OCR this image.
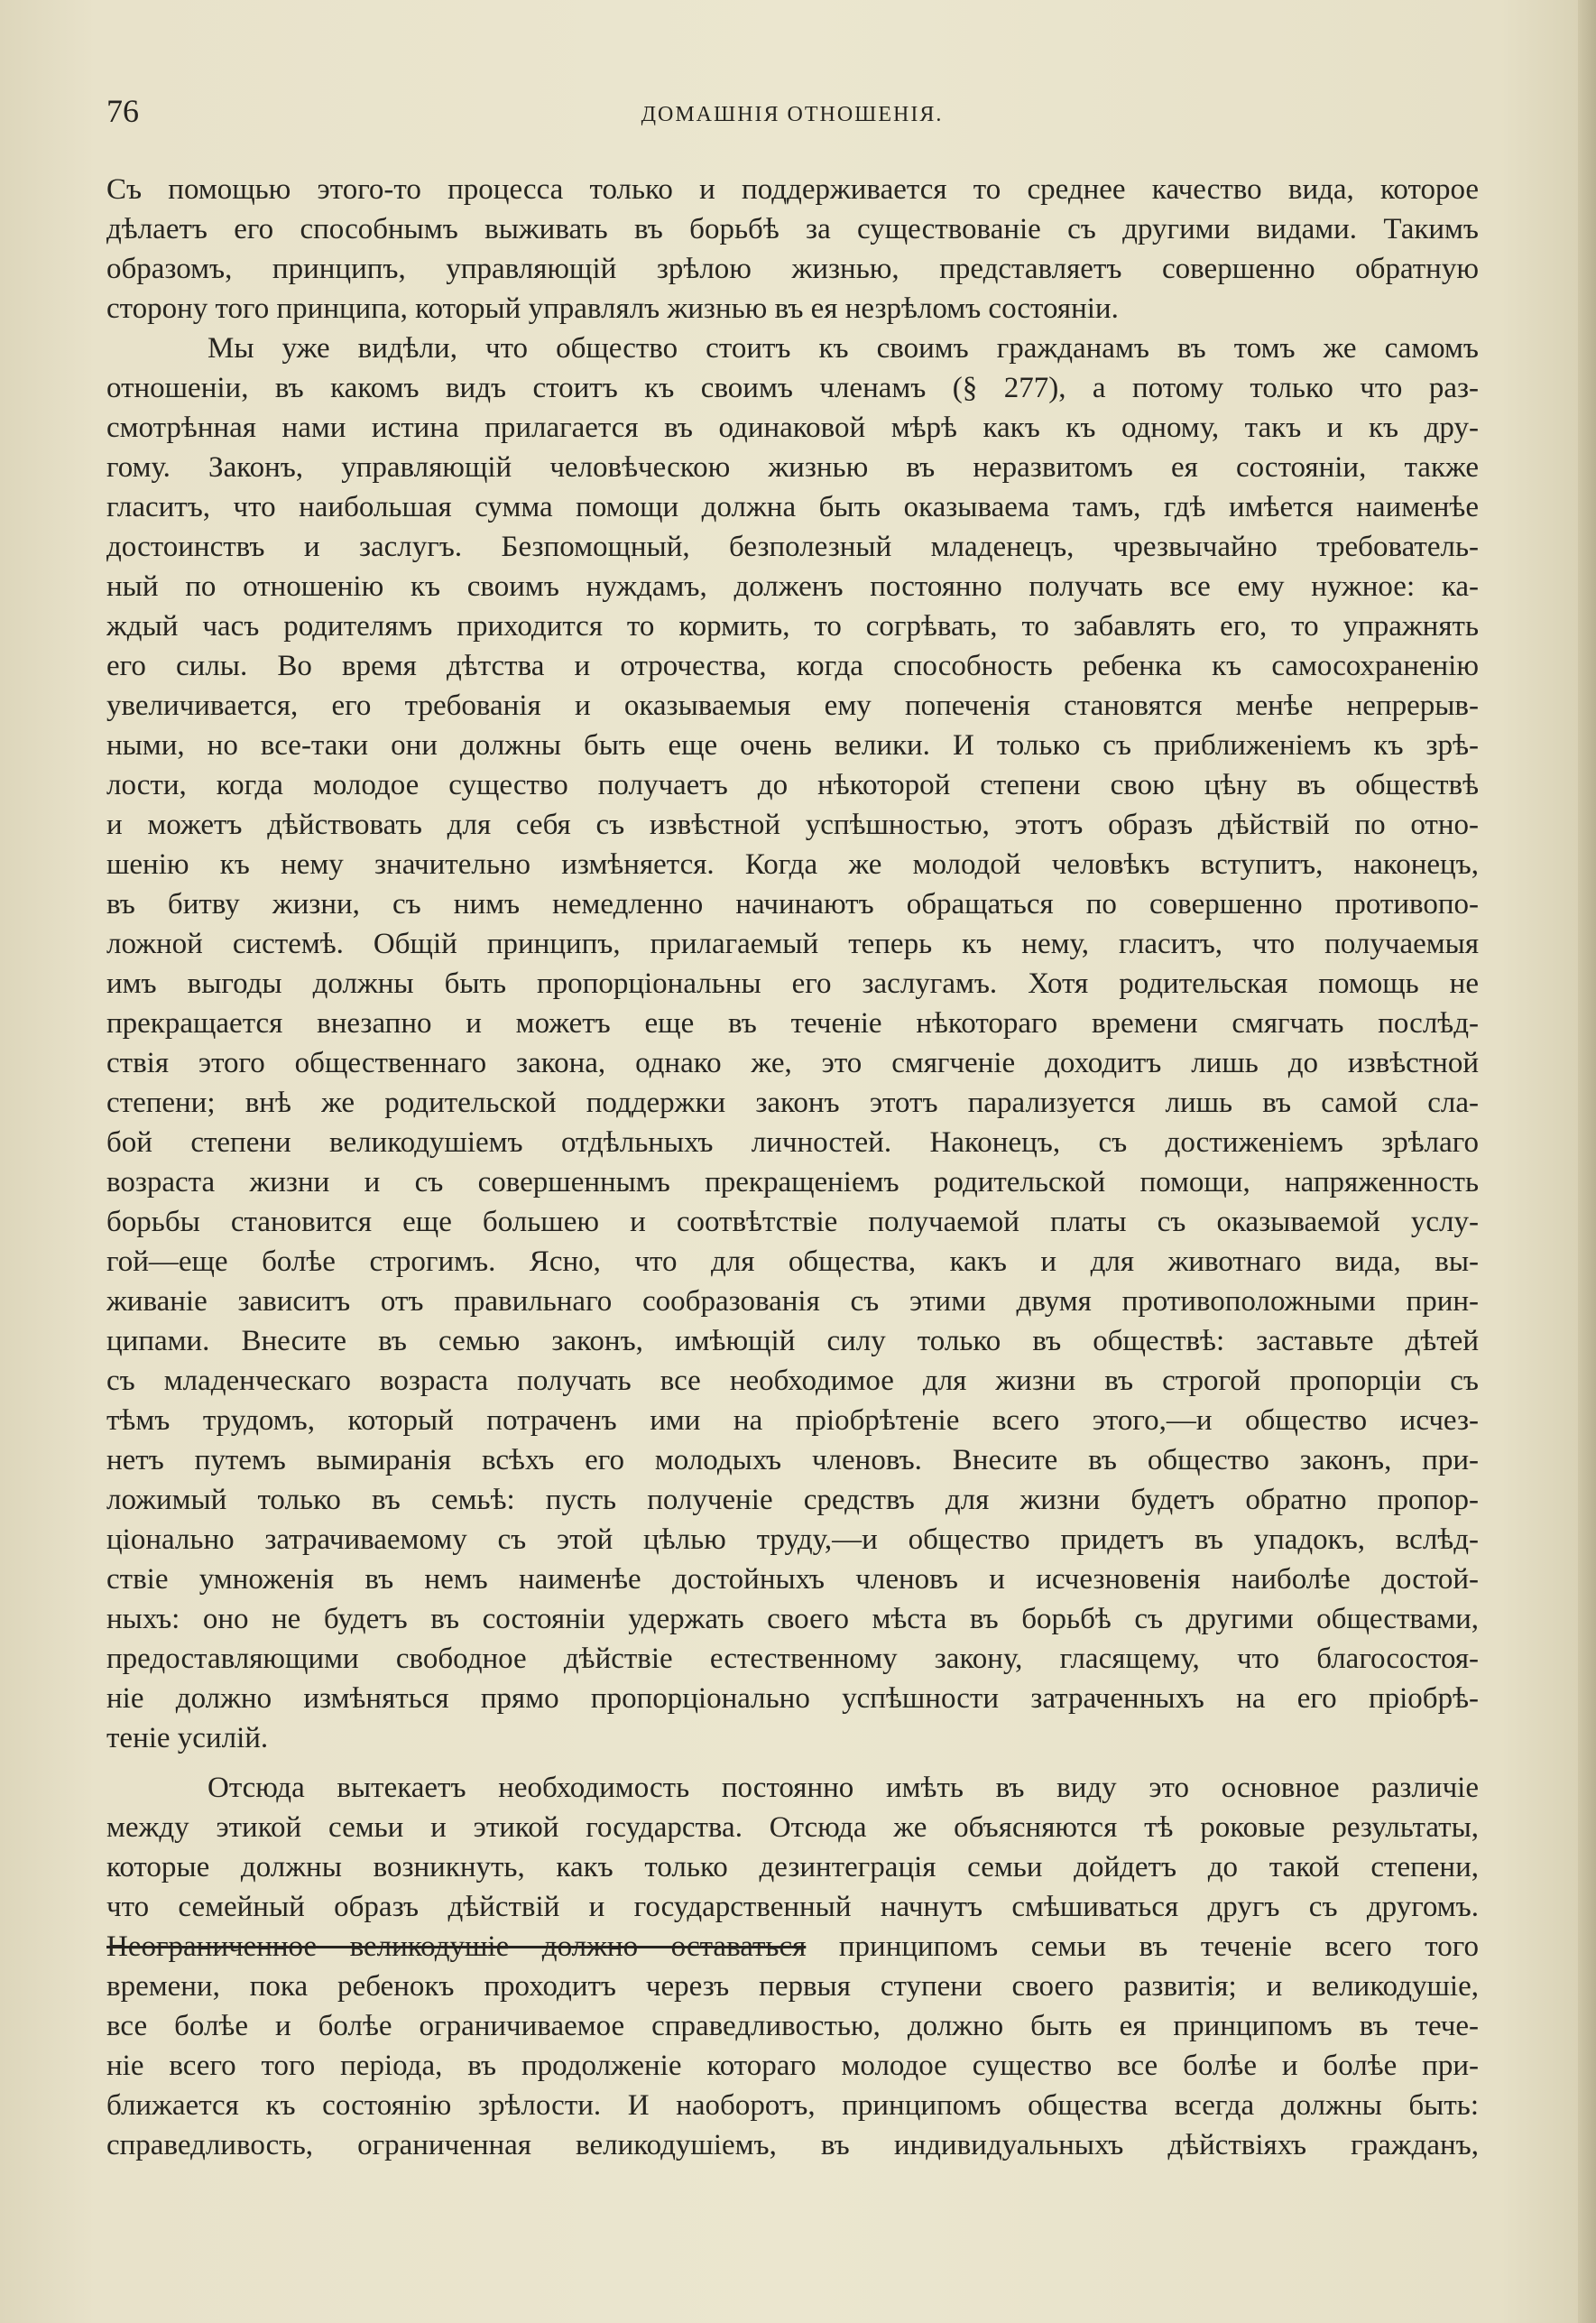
76	ДОМАШНІЯ ОТНОШЕНІЯ.
Съ помощью этого-то процесса только и поддерживается то среднее качество вида, которое
дѣлаетъ его способнымъ выживать въ борьбѣ за существованіе съ другими видами. Такимъ
образомъ, принципъ, управляющій зрѣлою жизнью, представляетъ совершенно обратную
сторону того принципа, который управлялъ жизнью въ ея незрѣломъ состояніи.
Мы уже видѣли, что общество стоитъ къ своимъ гражданамъ въ томъ же самомъ
отношеніи, въ какомъ видъ стоитъ къ своимъ членамъ (§ 277), а потому только что раз-
смотрѣнная нами истина прилагается въ одинаковой мѣрѣ какъ къ одному, такъ и къ дру-
гому. Законъ, управляющій человѣческою жизнью въ неразвитомъ ея состояніи, также
гласитъ, что наибольшая сумма помощи должна быть оказываема тамъ, гдѣ имѣется наименѣе
достоинствъ и заслугъ. Безпомощный, безполезный младенецъ, чрезвычайно требователь-
ный по отношенію къ своимъ нуждамъ, долженъ постоянно получать все ему нужное: ка-
ждый часъ родителямъ приходится то кормить, то согрѣвать, то забавлять его, то упражнять
его силы. Во время дѣтства и отрочества, когда способность ребенка къ самосохраненію
увеличивается, его требованія и оказываемыя ему попеченія становятся менѣе непрерыв-
ными, но все-таки они должны быть еще очень велики. И только съ приближеніемъ къ зрѣ-
лости, когда молодое существо получаетъ до нѣкоторой степени свою цѣну въ обществѣ
и можетъ дѣйствовать для себя съ извѣстной успѣшностью, этотъ образъ дѣйствій по отно-
шенію къ нему значительно измѣняется. Когда же молодой человѣкъ вступитъ, наконецъ,
въ битву жизни, съ нимъ немедленно начинаютъ обращаться по совершенно противопо-
ложной системѣ. Общій принципъ, прилагаемый теперь къ нему, гласитъ, что получаемыя
имъ выгоды должны быть пропорціональны его заслугамъ. Хотя родительская помощь не
прекращается внезапно и можетъ еще въ теченіе нѣкотораго времени смягчать послѣд-
ствія этого общественнаго закона, однако же, это смягченіе доходитъ лишь до извѣстной
степени; внѣ же родительской поддержки законъ этотъ парализуется лишь въ самой сла-
бой степени великодушіемъ отдѣльныхъ личностей. Наконецъ, съ достиженіемъ зрѣлаго
возраста жизни и съ совершеннымъ прекращеніемъ родительской помощи, напряженность
борьбы становится еще большею и соотвѣтствіе получаемой платы съ оказываемой услу-
гой—еще болѣе строгимъ. Ясно, что для общества, какъ и для животнаго вида, вы-
живаніе зависитъ отъ правильнаго сообразованія съ этими двумя противоположными прин-
ципами. Внесите въ семью законъ, имѣющій силу только въ обществѣ: заставьте дѣтей
съ младенческаго возраста получать все необходимое для жизни въ строгой пропорціи съ
тѣмъ трудомъ, который потраченъ ими на пріобрѣтеніе всего этого,—и общество исчез-
нетъ путемъ вымиранія всѣхъ его молодыхъ членовъ. Внесите въ общество законъ, при-
ложимый только въ семьѣ: пусть полученіе средствъ для жизни будетъ обратно пропор-
ціонально затрачиваемому съ этой цѣлью труду,—и общество придетъ въ упадокъ, вслѣд-
ствіе умноженія въ немъ наименѣе достойныхъ членовъ и исчезновенія наиболѣе достой-
ныхъ: оно не будетъ въ состояніи удержать своего мѣста въ борьбѣ съ другими обществами,
предоставляющими свободное дѣйствіе естественному закону, гласящему, что благосостоя-
ніе должно измѣняться прямо пропорціонально успѣшности затраченныхъ на его пріобрѣ-
теніе усилій.
Отсюда вытекаетъ необходимость постоянно имѣть въ виду это основное различіе
между этикой семьи и этикой государства. Отсюда же объясняются тѣ роковые результаты,
которые должны возникнуть, какъ только дезинтеграція семьи дойдетъ до такой степени,
что семейный образъ дѣйствій и государственный начнутъ смѣшиваться другъ съ другомъ.
Неограниченное великодушіе должно оставаться принципомъ семьи въ теченіе всего того
времени, пока ребенокъ проходитъ черезъ первыя ступени своего развитія; и великодушіе,
все болѣе и болѣе ограничиваемое справедливостью, должно быть ея принципомъ въ тече-
ніе всего того періода, въ продолженіе котораго молодое существо все болѣе и болѣе при-
ближается къ состоянію зрѣлости. И наоборотъ, принципомъ общества всегда должны быть:
справедливость, ограниченная великодушіемъ, въ индивидуальныхъ дѣйствіяхъ гражданъ,
